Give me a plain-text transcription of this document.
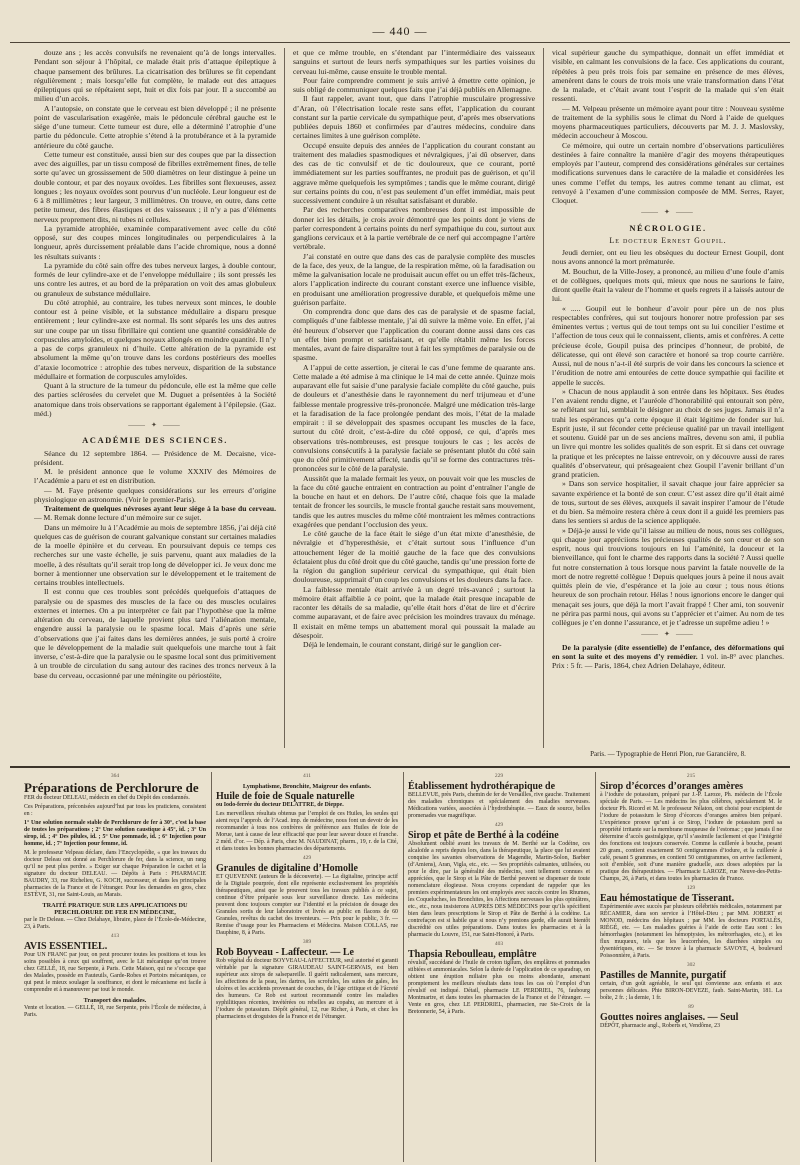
— 440 —

douze ans ; les accès convulsifs ne revenaient qu’à de longs intervalles. Pendant son séjour à l’hôpital, ce malade était pris d’attaque épileptique à chaque pansement des brûlures. La cicatrisation des brûlures se fit cependant régulièrement ; mais lorsqu’elle fut complète, le malade eut des attaques épileptiques qui se répétaient sept, huit et dix fois par jour. Il a succombé au milieu d’un accès.

A l’autopsie, on constate que le cerveau est bien développé ; il ne présente point de vascularisation exagérée, mais le pédoncule cérébral gauche est le siége d’une tumeur. Cette tumeur est dure, elle a déterminé l’atrophie d’une partie du pédoncule. Cette atrophie s’étend à la protubérance et à la pyramide antérieure du côté gauche.

Cette tumeur est constituée, aussi bien sur des coupes que par la dissection avec des aiguilles, par un tissu composé de fibrilles extrêmement fines, de telle sorte qu’avec un grossissement de 500 diamètres on leur distingue à peine un double contour, et par des noyaux ovoïdes. Les fibrilles sont flexueuses, assez longues ; les noyaux ovoïdes sont pourvus d’un nucléole. Leur longueur est de 6 à 8 millimètres ; leur largeur, 3 millimètres. On trouve, en outre, dans cette petite tumeur, des fibres élastiques et des vaisseaux ; il n’y a pas d’éléments nerveux proprement dits, ni tubes ni cellules.

La pyramide atrophiée, examinée comparativement avec celle du côté opposé, sur des coupes minces longitudinales ou perpendiculaires à la longueur, après durcissement préalable dans l’acide chromique, nous a donné les résultats suivants :

La pyramide du côté sain offre des tubes nerveux larges, à double contour, formés de leur cylindre-axe et de l’enveloppe médullaire ; ils sont pressés les uns contre les autres, et au bord de la préparation on voit des amas globuleux ou granuleux de substance médullaire.

Du côté atrophié, au contraire, les tubes nerveux sont minces, le double contour est à peine visible, et la substance médullaire a disparu presque entièrement ; leur cylindre-axe est normal. Ils sont séparés les uns des autres sur une coupe par un tissu fibrillaire qui contient une quantité considérable de corpuscules amyloïdes, et quelques noyaux allongés en moindre quantité. Il n’y a pas de corps granuleux ni d’huile. Cette altération de la pyramide est absolument la même qu’on trouve dans les cordons postérieurs des moelles d’ataxie locomotrice : atrophie des tubes nerveux, disparition de la substance médullaire et formation de corpuscules amyloïdes.

Quant à la structure de la tumeur du pédoncule, elle est la même que celle des parties sclérosées du cervelet que M. Duguet a présentées à la Société anatomique dans trois observations se rapportant également à l’épilepsie. (Gaz. méd.)

⸻ ✦ ⸻
ACADÉMIE DES SCIENCES.

Séance du 12 septembre 1864. — Présidence de M. Decaisne, vice-président.

M. le président annonce que le volume XXXIV des Mémoires de l’Académie a paru et est en distribution.

— M. Faye présente quelques considérations sur les erreurs d’origine physiologique en astronomie. (Voir le premier-Paris).

Traitement de quelques névroses ayant leur siége à la base du cerveau. — M. Remak donne lecture d’un mémoire sur ce sujet.

Dans un mémoire lu à l’Académie au mois de septembre 1856, j’ai déjà cité quelques cas de guérison de courant galvanique constant sur certaines maladies de la moelle épinière et du cerveau. En poursuivant depuis ce temps ces recherches sur une vaste échelle, je suis parvenu, quant aux maladies de la moelle, à des résultats qu’il serait trop long de développer ici. Je veux donc me borner à mentionner une observation sur le développement et le traitement de certains troubles intellectuels.

Il est connu que ces troubles sont précédés quelquefois d’attaques de paralysie ou de spasmes des muscles de la face ou des muscles oculaires externes et internes. On a pu interpréter ce fait par l’hypothèse que la même altération du cerveau, de laquelle provient plus tard l’aliénation mentale, engendre aussi la paralysie ou le spasme local. Mais d’après une série d’observations que j’ai faites dans les dernières années, je suis porté à croire que le développement de la maladie suit quelquefois une marche tout à fait inverse, c’est-à-dire que la paralysie ou le spasme local sont dus primitivement à un trouble de circulation du sang autour des racines des troncs nerveux à la base du cerveau, occasionné par une méningite ou périostéite,

et que ce même trouble, en s’étendant par l’intermédiaire des vaisseaux sanguins et surtout de leurs nerfs sympathiques sur les parties voisines du cerveau lui-même, cause ensuite le trouble mental.

Pour faire comprendre comment je suis arrivé à émettre cette opinion, je suis obligé de communiquer quelques faits que j’ai déjà publiés en Allemagne.

Il faut rappeler, avant tout, que dans l’atrophie musculaire progressive d’Aran, où l’électrisation locale reste sans effet, l’application du courant constant sur la partie cervicale du sympathique peut, d’après mes observations publiées depuis 1860 et confirmées par d’autres médecins, conduire dans certaines limites à une guérison complète.

Occupé ensuite depuis des années de l’application du courant constant au traitement des maladies spasmodiques et névralgiques, j’ai dû observer, dans des cas de tic convulsif et de tic douloureux, que ce courant, porté immédiatement sur les parties souffrantes, ne produit pas de guérison, et qu’il aggrave même quelquefois les symptômes ; tandis que le même courant, dirigé sur certains points du cou, n’est pas seulement d’un effet immédiat, mais peut successivement conduire à un résultat satisfaisant et durable.

Par des recherches comparatives nombreuses dont il est impossible de donner ici les détails, je crois avoir démontré que les points dont je viens de parler correspondent à certains points du nerf sympathique du cou, surtout aux ganglions cervicaux et à la partie vertébrale de ce nerf qui accompagne l’artère vertébrale.

J’ai constaté en outre que dans des cas de paralysie complète des muscles de la face, des yeux, de la langue, de la respiration même, où la faradisation ou même la galvanisation locale ne produisait aucun effet ou un effet très-fâcheux, alors l’application indirecte du courant constant exerce une influence visible, en produisant une amélioration progressive durable, et quelquefois même une guérison parfaite.

On comprendra donc que dans des cas de paralysie et de spasme facial, compliqués d’une faiblesse mentale, j’ai dû suivre la même voie. En effet, j’ai été heureux d’observer que l’application du courant donne aussi dans ces cas un effet bien prompt et satisfaisant, et qu’elle rétablit même les forces mentales, avant de faire disparaître tout à fait les symptômes de paralysie ou de spasme.

A l’appui de cette assertion, je citerai le cas d’une femme de quarante ans. Cette malade a été admise à ma clinique le 14 mai de cette année. Quinze mois auparavant elle fut saisie d’une paralysie faciale complète du côté gauche, puis de douleurs et d’anesthésie dans le rayonnement du nerf trijumeau et d’une faiblesse mentale progressive très-prononcée. Malgré une médication très-large et la faradisation de la face prolongée pendant des mois, l’état de la malade empirait : il se développait des spasmes occupant les muscles de la face, surtout du côté droit, c’est-à-dire du côté opposé, ce qui, d’après mes observations très-nombreuses, est presque toujours le cas ; les accès de convulsions consécutifs à la paralysie faciale se présentant plutôt du côté sain que du côté primitivement affecté, tandis qu’il se forme des contractures très-prononcées sur le côté de la paralysie.

Aussitôt que la malade fermait les yeux, on pouvait voir que les muscles de la face du côté gauche entraient en contraction au point d’entraîner l’angle de la bouche en haut et en dehors. De l’autre côté, chaque fois que la malade tentait de froncer les sourcils, le muscle frontal gauche restait sans mouvement, tandis que les autres muscles du même côté montraient les mêmes contractions exagérées que pendant l’occlusion des yeux.

Le côté gauche de la face était le siége d’un état mixte d’anesthésie, de névralgie et d’hyperesthésie, et c’était surtout sous l’influence d’un attouchement léger de la moitié gauche de la face que des convulsions éclataient plus du côté droit que du côté gauche, tandis qu’une pression forte de la région du ganglion supérieur cervical du sympathique, qui était bien douloureuse, supprimait d’un coup les convulsions et les douleurs dans la face.

La faiblesse mentale était arrivée à un degré très-avancé ; surtout la mémoire était affaiblie à ce point, que la malade était presque incapable de raconter les détails de sa maladie, qu’elle était hors d’état de lire et d’écrire comme auparavant, et de faire avec précision les moindres travaux du ménage. Il existait en même temps un abattement moral qui poussait la malade au désespoir.

Déjà le lendemain, le courant constant, dirigé sur le ganglion cer-

vical supérieur gauche du sympathique, donnait un effet immédiat et visible, en calmant les convulsions de la face. Ces applications du courant, répétées à peu près trois fois par semaine en présence de mes élèves, amenèrent dans le cours de trois mois une vraie transformation dans l’état de la malade, et c’était avant tout l’esprit de la malade qui s’en était ressenti.

— M. Velpeau présente un mémoire ayant pour titre : Nouveau système de traitement de la syphilis sous le climat du Nord à l’aide de quelques moyens pharmaceutiques particuliers, découverts par M. J. J. Maslovsky, médecin accoucheur à Moscou.

Ce mémoire, qui outre un certain nombre d’observations particulières destinées à faire connaître la manière d’agir des moyens thérapeutiques employés par l’auteur, comprend des considérations générales sur certaines modifications survenues dans le caractère de la maladie et considérées les unes comme l’effet du temps, les autres comme tenant au climat, est renvoyé à l’examen d’une commission composée de MM. Serres, Rayer, Cloquet.

⸻ ✦ ⸻
NÉCROLOGIE.
Le docteur Ernest Goupil.

Jeudi dernier, ont eu lieu les obsèques du docteur Ernest Goupil, dont nous avons annoncé la mort prématurée.

M. Bouchut, de la Ville-Josey, a prononcé, au milieu d’une foule d’amis et de collègues, quelques mots qui, mieux que nous ne saurions le faire, diront quelle était la valeur de l’homme et quels regrets il a laissés autour de lui.

« ..... Goupil eut le bonheur d’avoir pour père un de nos plus respectables confrères, qui sut toujours honorer notre profession par ses éminentes vertus ; vertus qui de tout temps ont su lui concilier l’estime et l’affection de tous ceux qui le connaissent, clients, amis et confrères. A cette précieuse école, Goupil puisa des principes d’honneur, de probité, de délicatesse, qui ont élevé son caractère et honoré sa trop courte carrière. Aussi, nul de nous n’a-t-il été surpris de voir dans les concours la science et l’érudition de notre ami entourées de cette douce sympathie qui facilite et appelle le succès.

» Chacun de nous applaudit à son entrée dans les hôpitaux. Ses études l’en avaient rendu digne, et l’auréole d’honorabilité qui entourait son père, se reflétant sur lui, semblait le désigner au choix de ses juges. Jamais il n’a trahi les espérances qu’a cette époque il était légitime de fonder sur lui. Esprit juste, il sut féconder cette précieuse qualité par un travail intelligent et soutenu. Guidé par un de ses anciens maîtres, devenu son ami, il publia un livre qui montre les solides qualités de son esprit. Et si dans cet ouvrage la pratique et les préceptes ne laisse entrevoir, on y découvre aussi de rares qualités d’observateur, qui présageaient chez Goupil l’avenir brillant d’un grand praticien.

» Dans son service hospitalier, il savait chaque jour faire apprécier sa savante expérience et la bonté de son cœur. C’est assez dire qu’il était aimé de tous, surtout de ses élèves, auxquels il savait inspirer l’amour de l’étude et du bien. Sa mémoire restera chère à ceux dont il a guidé les premiers pas dans les sentiers si ardus de la science appliquée.

» Déjà-je aussi le vide qu’il laisse au milieu de nous, nous ses collègues, qui chaque jour appréciions les précieuses qualités de son cœur et de son esprit, nous qui trouvions toujours en lui l’aménité, la douceur et la bienveillance, qui font le charme des rapports dans la société ? Aussi quelle fut notre consternation à tous lorsque nous parvint la fatale nouvelle de la mort de notre regretté collègue ! Depuis quelques jours à peine il nous avait quittés plein de vie, d’espérance et la joie au cœur ; tous nous étions heureux de son prochain retour. Hélas ! nous ignorions encore le danger qui menaçait ses jours, que déjà la mort l’avait frappé ! Cher ami, ton souvenir ne périra pas parmi nous, qui avons su t’apprécier et t’aimer. Au nom de tes collègues je t’en donne l’assurance, et je t’adresse un suprême adieu ! »

⸻ ✦ ⸻

De la paralysie (dite essentielle) de l’enfance, des déformations qui en sont la suite et des moyens d’y remédier. 1 vol. in-8° avec planches. Prix : 5 fr. — Paris, 1864, chez Adrien Delahaye, éditeur.

Paris. — Typographie de Henri Plon, rue Garancière, 8.
364
Préparations de Perchlorure de

FER du docteur DELEAU, médecin en chef du Dépôt des condamnés.

Ces Préparations, préconisées aujourd’hui par tous les praticiens, consistent en :

1° Une solution normale stable de Perchlorure de fer à 30°, c’est la base de toutes les préparations ; 2° Une solution caustique à 45°, id. ; 3° Un sirop, id. ; 4° Des pilules, id. ; 5° Une pommade, id. ; 6° Injection pour homme, id. ; 7° Injection pour femme, id.

M. le professeur Velpeau déclare, dans l’Encyclopédie, « que les travaux du docteur Deleau ont donné au Perchlorure de fer, dans la science, un rang qu’il ne peut plus perdre. » Exiger sur chaque Préparation le cachet et la signature du docteur DELEAU. — Dépôts à Paris : PHARMACIE BAUDRY, 33, rue Richelieu, G. KOCH, successeur, et dans les principales pharmacies de la France et de l’étranger. Pour les demandes en gros, chez ESTÈVE, 31, rue Saint-Louis, au Marais.

TRAITÉ PRATIQUE SUR LES APPLICATIONS DU PERCHLORURE DE FER EN MÉDECINE,

par le Dr Deleau. — Chez Delahaye, libraire, place de l’École-de-Médecine, 23, à Paris.

413
AVIS ESSENTIEL.

Pour UN FRANC par jour, on peut procurer toutes les positions et tous les soins possibles à ceux qui souffrent, avec le Lit mécanique qu’on trouve chez GELLÉ, 18, rue Serpente, à Paris. Cette Maison, qui ne s’occupe que des Malades, possède en Fauteuils, Garde-Robes et Portoirs mécaniques, ce qui peut le mieux soulager la souffrance, et dont le mécanisme est facile à comprendre et à manœuvrer par tout le monde.

Transport des malades.

Vente et location. — GELLÉ, 18, rue Serpente, près l’École de médecine, à Paris.

411
Lymphatisme, Bronchite, Maigreur des enfants.
Huile de foie de Squale naturelle

ou Iodo-ferrée du docteur DELATTRE, de Dieppe.

Les merveilleux résultats obtenus par l’emploi de ces Huiles, les seules qui aient reçu l’approb. de l’Acad. imp. de médecine, nous font un devoir de les recommander à tous nos confrères de préférence aux Huiles de foie de Morue, tant à cause de leur efficacité que pour leur saveur douce et franche. 2 méd. d’or. — Dép. à Paris, chez M. NAUDINAT, pharm., 19, r. de la Cité, et dans toutes les bonnes pharmacies des départements.

429
Granules de digitaline d’Homolle

ET QUEVENNE (auteurs de la découverte). — La digitaline, principe actif de la Digitale pourprée, dont elle représente exclusivement les propriétés thérapeutiques, ainsi que le prouvent tous les travaux publiés à ce sujet, continue d’être préparée sous leur surveillance directe. Les médecins peuvent donc toujours compter sur l’identité et la précision de dosage des Granules sortis de leur laboratoire et livrés au public en flacons de 60 Granules, revêtus du cachet des inventeurs. — Prix pour le public, 3 fr. — Remise d’usage pour les Pharmaciens et Médecins. Maison COLLAS, rue Dauphine, 8, à Paris.

389
Rob Boyveau - Laffecteur. — Le

Rob végétal du docteur BOYVEAU-LAFFECTEUR, seul autorisé et garanti véritable par la signature GIRAUDEAU SAINT-GERVAIS, est bien supérieur aux sirops de salsepareille. Il guérit radicalement, sans mercure, les affections de la peau, les dartres, les scrofules, les suites de gales, les ulcères et les accidents provenant de couches, de l’âge critique et de l’âcreté des humeurs. Ce Rob est surtout recommandé contre les maladies syphilitiques récentes, invétérées ou rebelles au copahu, au mercure et à l’iodure de potassium. Dépôt général, 12, rue Richer, à Paris, et chez les pharmaciens et droguistes de la France et de l’étranger.

229
Établissement hydrothérapique de

BELLEVUE, près Paris, chemin de fer de Versailles, rive gauche. Traitement des maladies chroniques et spécialement des maladies nerveuses. Médications variées, associées à l’hydrothérapie. — Eaux de source, belles promenades vue magnifique.

429
Sirop et pâte de Berthé à la codéine

Absolument oublié avant les travaux de M. Berthé sur la Codéine, ces alcaloïde a repris depuis lors, dans la thérapeutique, la place que lui avaient conquise les savantes observations de Magendie, Martin-Solon, Barbier (d’Amiens), Aran, Vigla, etc., etc. — Ses propriétés calmantes, utilisées, ou pour le dire, par la généralité des médecins, sont tellement connues et appréciées, que le Sirop et la Pâte de Berthé peuvent se dispenser de toute nomenclature élogieuse. Nous croyons cependant de rappeler que les premiers expérimentateurs les ont employés avec succès contre les Rhumes, les Coqueluches, les Bronchites, les Affections nerveuses les plus opiniâtres, etc., etc., nous insisterons AUPRÈS DES MÉDECINS pour qu’ils spécifient bien dans leurs prescriptions le Sirop et Pâte de Berthé à la codéine. La contrefaçon est si habile que si nous n’y prenions garde, elle aurait bientôt discrédité ces utiles préparations. Dans toutes les pharmacies et à la pharmacie du Louvre, 151, rue Saint-Honoré, à Paris.

403
Thapsia Reboulleau, emplâtre

révulsif, succédané de l’huile de croton tiglium, des emplâtres et pommades stibiées et ammoniacales. Selon la durée de l’application de ce sparadrap, on obtient une éruption miliaire plus ou moins abondante, amenant promptement les meilleurs résultats dans tous les cas où l’emploi d’un révulsif est indiqué. Détail, pharmacie LE PERDRIEL, 76, faubourg Montmartre, et dans toutes les pharmacies de la France et de l’étranger. — Vente en gros, chez LE PERDRIEL, pharmacien, rue Ste-Croix de la Bretonnerie, 54, à Paris.

215
Sirop d’écorces d’oranges amères

à l’iodure de potassium, préparé par J.-P. Laroze, Ph. médecin de l’École spéciale de Paris. — Les médecins les plus célèbres, spécialement M. le docteur Ph. Ricord et M. le professeur Nélaton, ont choisi pour excipient de l’iodure de potassium le Sirop d’écorces d’oranges amères bien préparé. L’expérience prouve qu’uni à ce Sirop, l’iodure de potassium perd sa propriété irritante sur la membrane muqueuse de l’estomac ; que jamais il ne détermine d’accès gastralgique, qu’il s’assimile facilement et que l’intégrité des fonctions est toujours conservée. Comme la cuillerée à bouche, pesant 20 gram., contient exactement 50 centigrammes d’iodure, et la cuillerée à café, pesant 5 grammes, en contient 50 centigrammes, on arrive facilement, soit d’emblée, soit d’une manière graduelle, aux doses adoptées par la pratique des thérapeutistes. — Pharmacie LAROZE, rue Neuve-des-Petits-Champs, 26, à Paris, et dans toutes les pharmacies de France.

129
Eau hémostatique de Tisserant.

Expérimentée avec succès par plusieurs célébrités médicales, notamment par RÉCAMIER, dans son service à l’Hôtel-Dieu ; par MM. JOBERT et MONOD, médecins des hôpitaux ; par MM. les docteurs PORTALÈS, RIÉGÉ, etc. — Les maladies guéries à l’aide de cette Eau sont : les hémorrhagies (notamment les hémoptysies, les métrorrhagies, etc.), et les flux muqueux, tels que les leucorrhées, les diarrhées simples ou dysentériques, etc. — Se trouve à la pharmacie SAVOYE, 4, boulevard Poissonnière, à Paris.

302
Pastilles de Mannite, purgatif

certain, d’un goût agréable, le seul qui convienne aux enfants et aux personnes délicates. Phie BIRON-DEVEZE, faub. Saint-Martin, 181. La boîte, 2 fr. ; la demie, 1 fr.

89
Gouttes noires anglaises. — Seul

DÉPÔT, pharmacie angl., Roberts et, Vendôme, 23
